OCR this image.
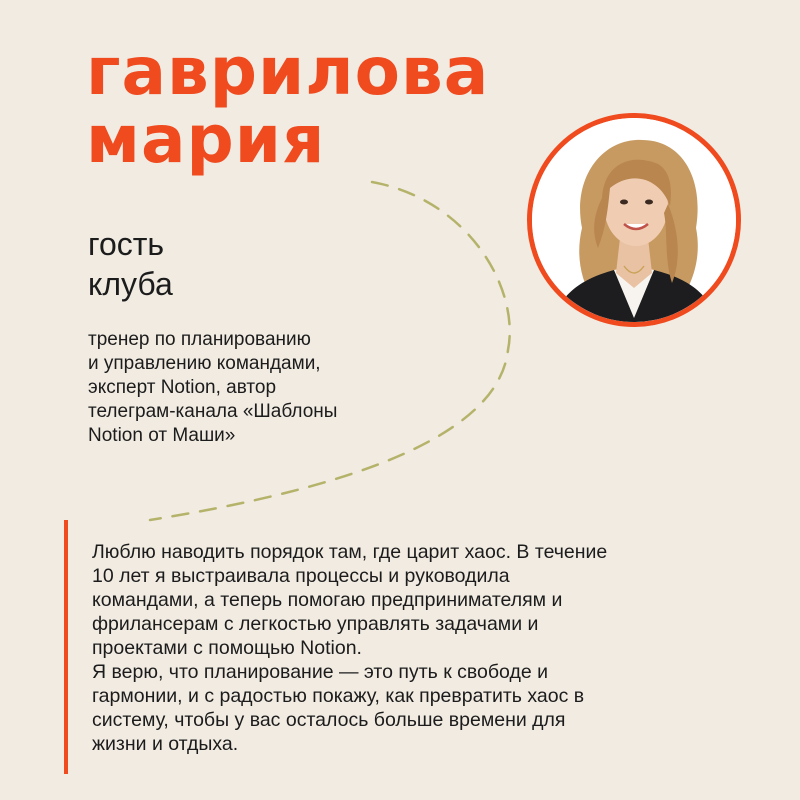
гаврилова
мария
гость
клуба

тренер по планированию
и управлению командами,
эксперт Notion, автор
телеграм-канала «Шаблоны
Notion от Маши»

Люблю наводить порядок там, где царит хаос. В течение
10 лет я выстраивала процессы и руководила
командами, а теперь помогаю предпринимателям и
фрилансерам с легкостью управлять задачами и
проектами с помощью Notion.
Я верю, что планирование — это путь к свободе и
гармонии, и с радостью покажу, как превратить хаос в
систему, чтобы у вас осталось больше времени для
жизни и отдыха.
